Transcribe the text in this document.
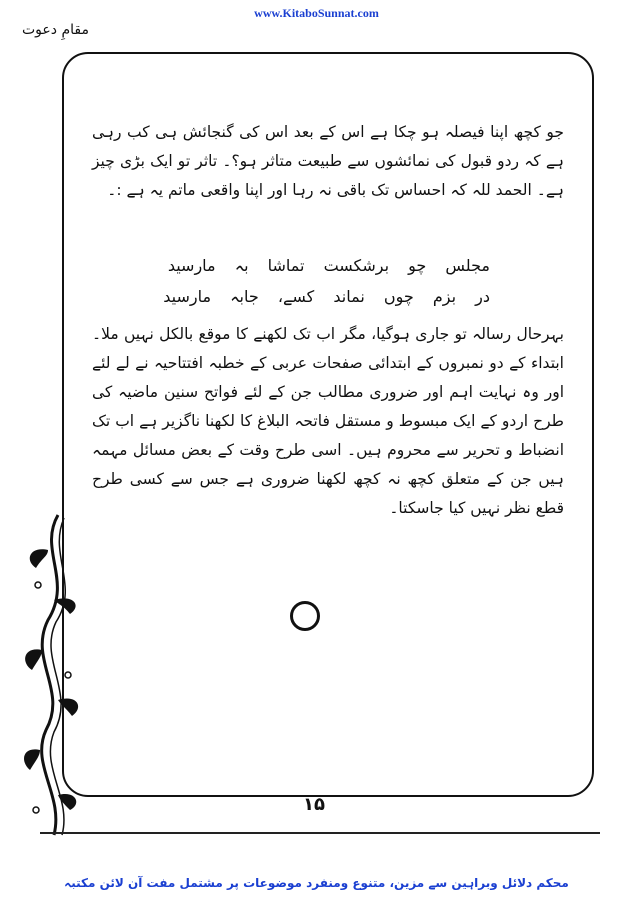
www.KitaboSunnat.com
مقامِ دعوت
جو کچھ اپنا فیصلہ ہو چکا ہے اس کے بعد اس کی گنجائش ہی کب رہی ہے کہ ردو قبول کی نمائشوں سے طبیعت متاثر ہو؟۔ تاثر تو ایک بڑی چیز ہے۔ الحمد للہ کہ احساس تک باقی نہ رہا اور اپنا واقعی ماتم یہ ہے :۔
مجلس چو برشکست تماشا بہ مارسید
در بزم چوں نماند کسے، جابہ مارسید
بہرحال رسالہ تو جاری ہوگیا، مگر اب تک لکھنے کا موقع بالکل نہیں ملا۔ ابتداء کے دو نمبروں کے ابتدائی صفحات عربی کے خطبہ افتتاحیہ نے لے لئے اور وہ نہایت اہم اور ضروری مطالب جن کے لئے فواتح سنین ماضیہ کی طرح اردو کے ایک مبسوط و مستقل فاتحہ البلاغ کا لکھنا ناگزیر ہے اب تک انضباط و تحریر سے محروم ہیں۔ اسی طرح وقت کے بعض مسائل مہمہ ہیں جن کے متعلق کچھ نہ کچھ لکھنا ضروری ہے جس سے کسی طرح قطع نظر نہیں کیا جاسکتا۔
۱۵
محکم دلائل وبراہین سے مزین، متنوع ومنفرد موضوعات پر مشتمل مفت آن لائن مکتبہ
